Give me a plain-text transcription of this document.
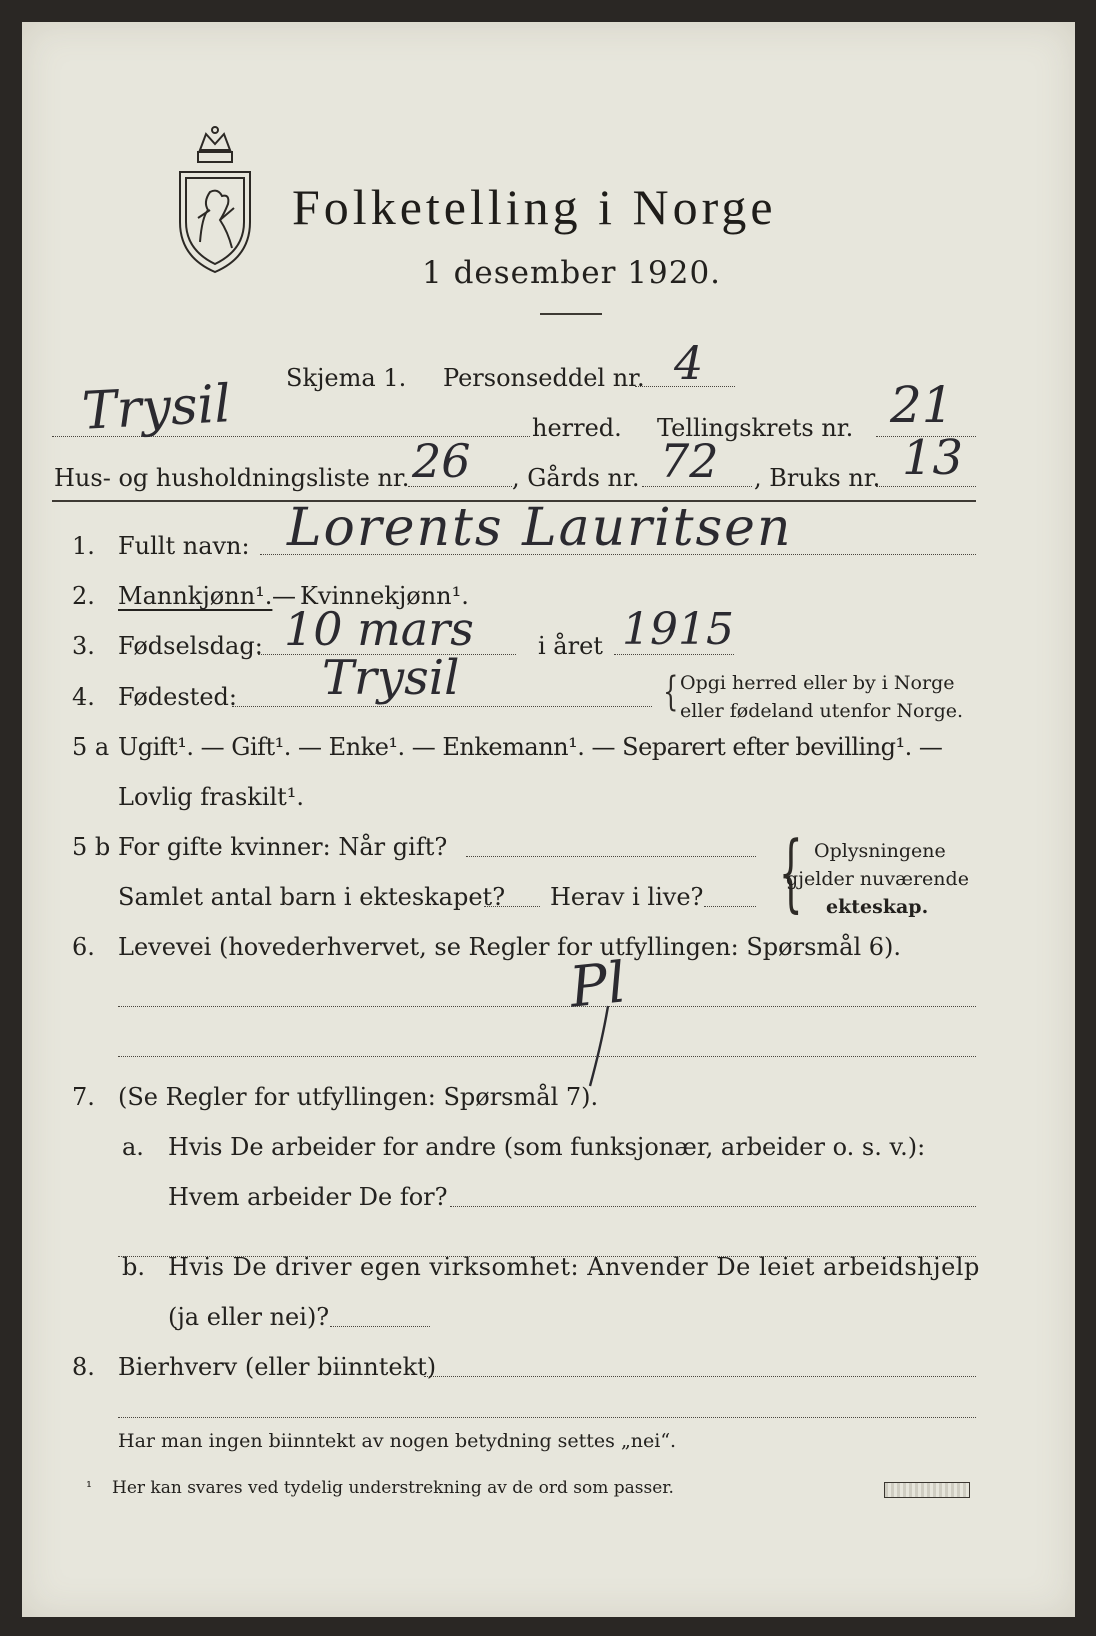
Folketelling i Norge
1 desember 1920.
Skjema 1. Personseddel nr. 4
Trysil	herred. Tellingskrets nr. 21
Hus- og husholdningsliste nr. 26 , Gårds nr. 72 , Bruks nr. 13
1. Fullt navn: Lorents Lauritsen
2. Mannkjønn¹. — Kvinnekjønn¹.
3. Fødselsdag: 10 mars	i året 1915
4. Fødested: Trysil	{ Opgi herred eller by i Norge
eller fødeland utenfor Norge.
5 a Ugift¹. — Gift¹. — Enke¹. — Enkemann¹. — Separert efter bevilling¹. —
Lovlig fraskilt¹.
5 b For gifte kvinner: Når gift?
Samlet antal barn i ekteskapet? Herav i live? { Oplysningene
gjelder nuværende
ekteskap.
6. Levevei (hovederhvervet, se Regler for utfyllingen: Spørsmål 6).
Pl
7. (Se Regler for utfyllingen: Spørsmål 7).
a. Hvis De arbeider for andre (som funksjonær, arbeider o. s. v.):
Hvem arbeider De for?
b. Hvis De driver egen virksomhet: Anvender De leiet arbeidshjelp
(ja eller nei)?
8. Bierhverv (eller biinntekt)
Har man ingen biinntekt av nogen betydning settes „nei“.
¹ Her kan svares ved tydelig understrekning av de ord som passer.
